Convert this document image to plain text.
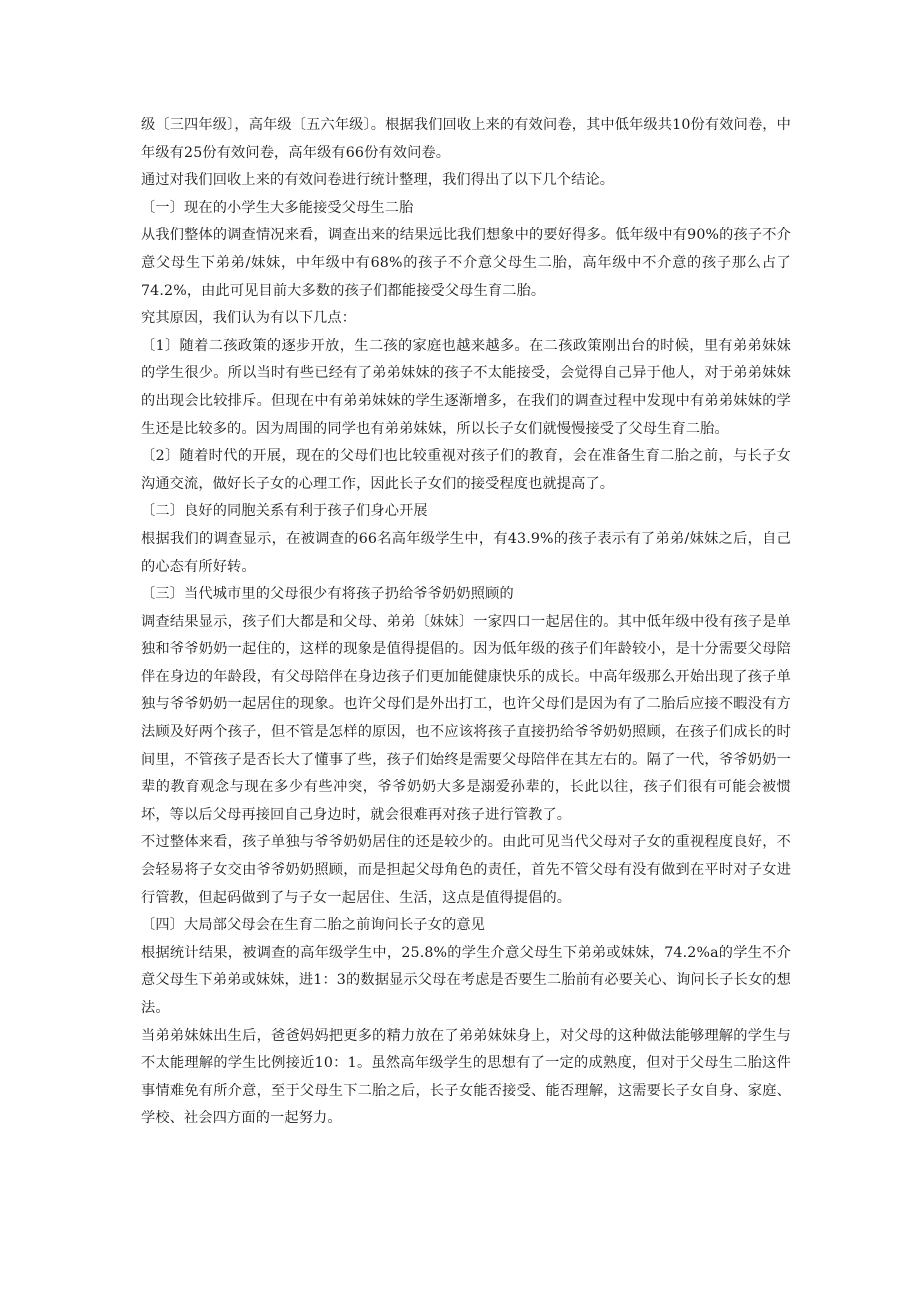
级〔三四年级〕，高年级〔五六年级〕。根据我们回收上来的有效问卷，其中低年级共10份有效问卷，中年级有25份有效问卷，高年级有66份有效问卷。

通过对我们回收上来的有效问卷进行统计整理，我们得出了以下几个结论。

〔一〕现在的小学生大多能接受父母生二胎

从我们整体的调查情况来看，调查出来的结果远比我们想象中的要好得多。低年级中有90%的孩子不介意父母生下弟弟/妹妹，中年级中有68%的孩子不介意父母生二胎，高年级中不介意的孩子那么占了74.2%，由此可见目前大多数的孩子们都能接受父母生育二胎。

究其原因，我们认为有以下几点：

〔1〕随着二孩政策的逐步开放，生二孩的家庭也越来越多。在二孩政策刚出台的时候，里有弟弟妹妹的学生很少。所以当时有些已经有了弟弟妹妹的孩子不太能接受，会觉得自己异于他人，对于弟弟妹妹的出现会比较排斥。但现在中有弟弟妹妹的学生逐渐增多，在我们的调查过程中发现中有弟弟妹妹的学生还是比较多的。因为周围的同学也有弟弟妹妹，所以长子女们就慢慢接受了父母生育二胎。

〔2〕随着时代的开展，现在的父母们也比较重视对孩子们的教育，会在准备生育二胎之前，与长子女沟通交流，做好长子女的心理工作，因此长子女们的接受程度也就提高了。

〔二〕良好的同胞关系有利于孩子们身心开展

根据我们的调查显示，在被调查的66名高年级学生中，有43.9%的孩子表示有了弟弟/妹妹之后，自己的心态有所好转。

〔三〕当代城市里的父母很少有将孩子扔给爷爷奶奶照顾的

调查结果显示，孩子们大都是和父母、弟弟〔妹妹〕一家四口一起居住的。其中低年级中役有孩子是单独和爷爷奶奶一起住的，这样的现象是值得提倡的。因为低年级的孩子们年龄较小，是十分需要父母陪伴在身边的年龄段，有父母陪伴在身边孩子们更加能健康快乐的成长。中高年级那么开始出现了孩子单独与爷爷奶奶一起居住的现象。也许父母们是外出打工，也许父母们是因为有了二胎后应接不暇没有方法顾及好两个孩子，但不管是怎样的原因，也不应该将孩子直接扔给爷爷奶奶照顾，在孩子们成长的时间里，不管孩子是否长大了懂事了些，孩子们始终是需要父母陪伴在其左右的。隔了一代，爷爷奶奶一辈的教育观念与现在多少有些冲突，爷爷奶奶大多是溺爱孙辈的，长此以往，孩子们很有可能会被惯坏，等以后父母再接回自己身边时，就会很难再对孩子进行管教了。

不过整体来看，孩子单独与爷爷奶奶居住的还是较少的。由此可见当代父母对子女的重视程度良好，不会轻易将子女交由爷爷奶奶照顾，而是担起父母角色的责任，首先不管父母有没有做到在平时对子女进行管教，但起码做到了与子女一起居住、生活，这点是值得提倡的。

〔四〕大局部父母会在生育二胎之前询问长子女的意见

根据统计结果，被调查的高年级学生中，25.8%的学生介意父母生下弟弟或妹妹，74.2%a的学生不介意父母生下弟弟或妹妹，进1：3的数据显示父母在考虑是否要生二胎前有必要关心、询问长子长女的想法。

当弟弟妹妹出生后，爸爸妈妈把更多的精力放在了弟弟妹妹身上，对父母的这种做法能够理解的学生与不太能理解的学生比例接近10：1。虽然高年级学生的思想有了一定的成熟度，但对于父母生二胎这件事情难免有所介意，至于父母生下二胎之后，长子女能否接受、能否理解，这需要长子女自身、家庭、学校、社会四方面的一起努力。
